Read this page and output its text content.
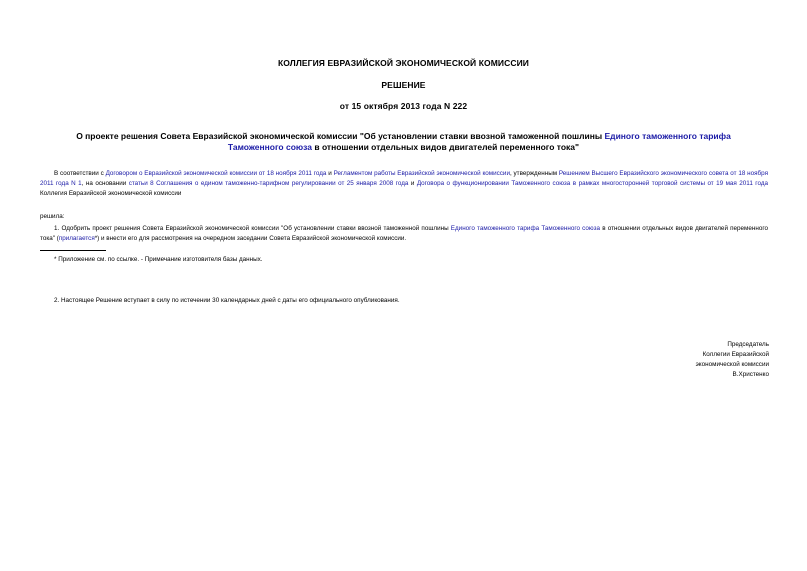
КОЛЛЕГИЯ ЕВРАЗИЙСКОЙ ЭКОНОМИЧЕСКОЙ КОМИССИИ
РЕШЕНИЕ
от 15 октября 2013 года N 222
О проекте решения Совета Евразийской экономической комиссии "Об установлении ставки ввозной таможенной пошлины Единого таможенного тарифа
Таможенного союза в отношении отдельных видов двигателей переменного тока"
В соответствии с Договором о Евразийской экономической комиссии от 18 ноября 2011 года и Регламентом работы Евразийской экономической комиссии, утвержденным Решением Высшего Евразийского экономического совета от 18 ноября 2011 года N 1, на основании статьи 8 Соглашения о едином таможенно-тарифном регулировании от 25 января 2008 года и Договора о функционировании Таможенного союза в рамках многосторонней торговой системы от 19 мая 2011 года Коллегия Евразийской экономической комиссии
решила:
1. Одобрить проект решения Совета Евразийской экономической комиссии "Об установлении ставки ввозной таможенной пошлины Единого таможенного тарифа Таможенного союза в отношении отдельных видов двигателей переменного тока" (прилагается*) и внести его для рассмотрения на очередном заседании Совета Евразийской экономической комиссии.
* Приложение см. по ссылке. - Примечание изготовителя базы данных.
2. Настоящее Решение вступает в силу по истечении 30 календарных дней с даты его официального опубликования.

Председатель

Коллегии Евразийской

экономической комиссии

В.Христенко
